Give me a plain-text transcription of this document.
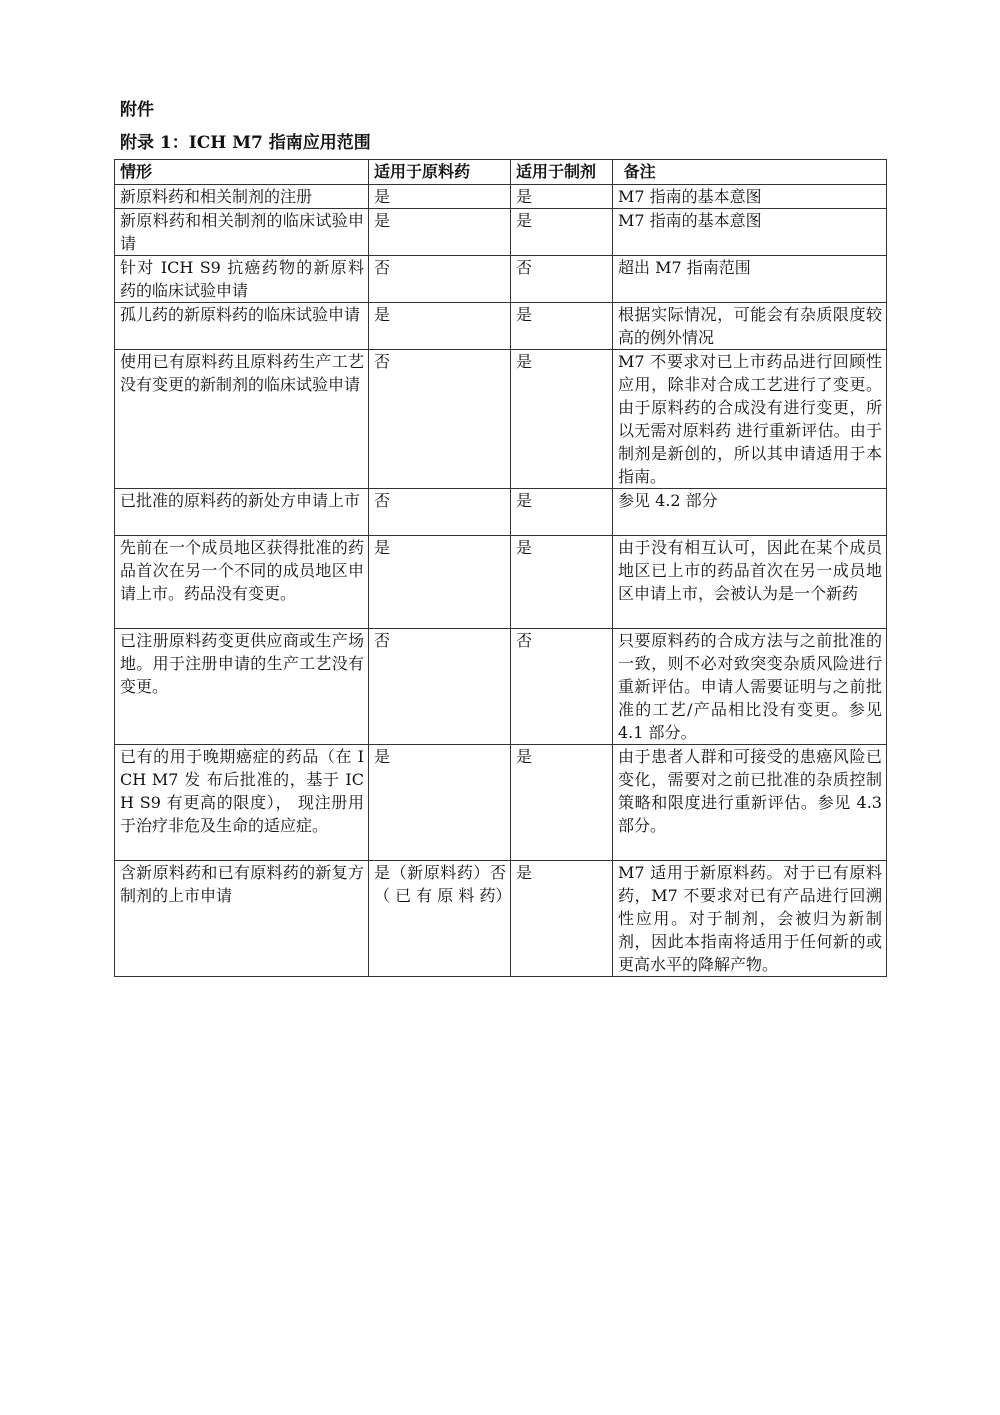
附件
附录 1：ICH M7 指南应用范围
情形	适用于原料药	适用于制剂	备注
新原料药和相关制剂的注册	是	是	M7 指南的基本意图
新原料药和相关制剂的临床试验申请	是	是	M7 指南的基本意图
针对 ICH S9 抗癌药物的新原料药的临床试验申请	否	否	超出 M7 指南范围
孤儿药的新原料药的临床试验申请	是	是	根据实际情况，可能会有杂质限度较高的例外情况
使用已有原料药且原料药生产工艺没有变更的新制剂的临床试验申请	否	是	M7 不要求对已上市药品进行回顾性应用，除非对合成工艺进行了变更。由于原料药的合成没有进行变更，所以无需对原料药 进行重新评估。由于制剂是新创的，所以其申请适用于本指南。
已批准的原料药的新处方申请上市	否	是	参见 4.2 部分
先前在一个成员地区获得批准的药品首次在另一个不同的成员地区申请上市。药品没有变更。	是	是	由于没有相互认可，因此在某个成员地区已上市的药品首次在另一成员地区申请上市，会被认为是一个新药
已注册原料药变更供应商或生产场地。用于注册申请的生产工艺没有变更。	否	否	只要原料药的合成方法与之前批准的一致，则不必对致突变杂质风险进行重新评估。申请人需要证明与之前批准的工艺/产品相比没有变更。参见 4.1 部分。
已有的用于晚期癌症的药品（在 ICH M7 发 布后批准的，基于 ICH S9 有更高的限度）， 现注册用于治疗非危及生命的适应症。	是	是	由于患者人群和可接受的患癌风险已变化，需要对之前已批准的杂质控制策略和限度进行重新评估。参见 4.3 部分。
含新原料药和已有原料药的新复方制剂的上市申请	是（新原料药）否 （ 已 有 原 料 药）	是	M7 适用于新原料药。对于已有原料药，M7 不要求对已有产品进行回溯性应用。对于制剂，会被归为新制剂，因此本指南将适用于任何新的或更高水平的降解产物。
